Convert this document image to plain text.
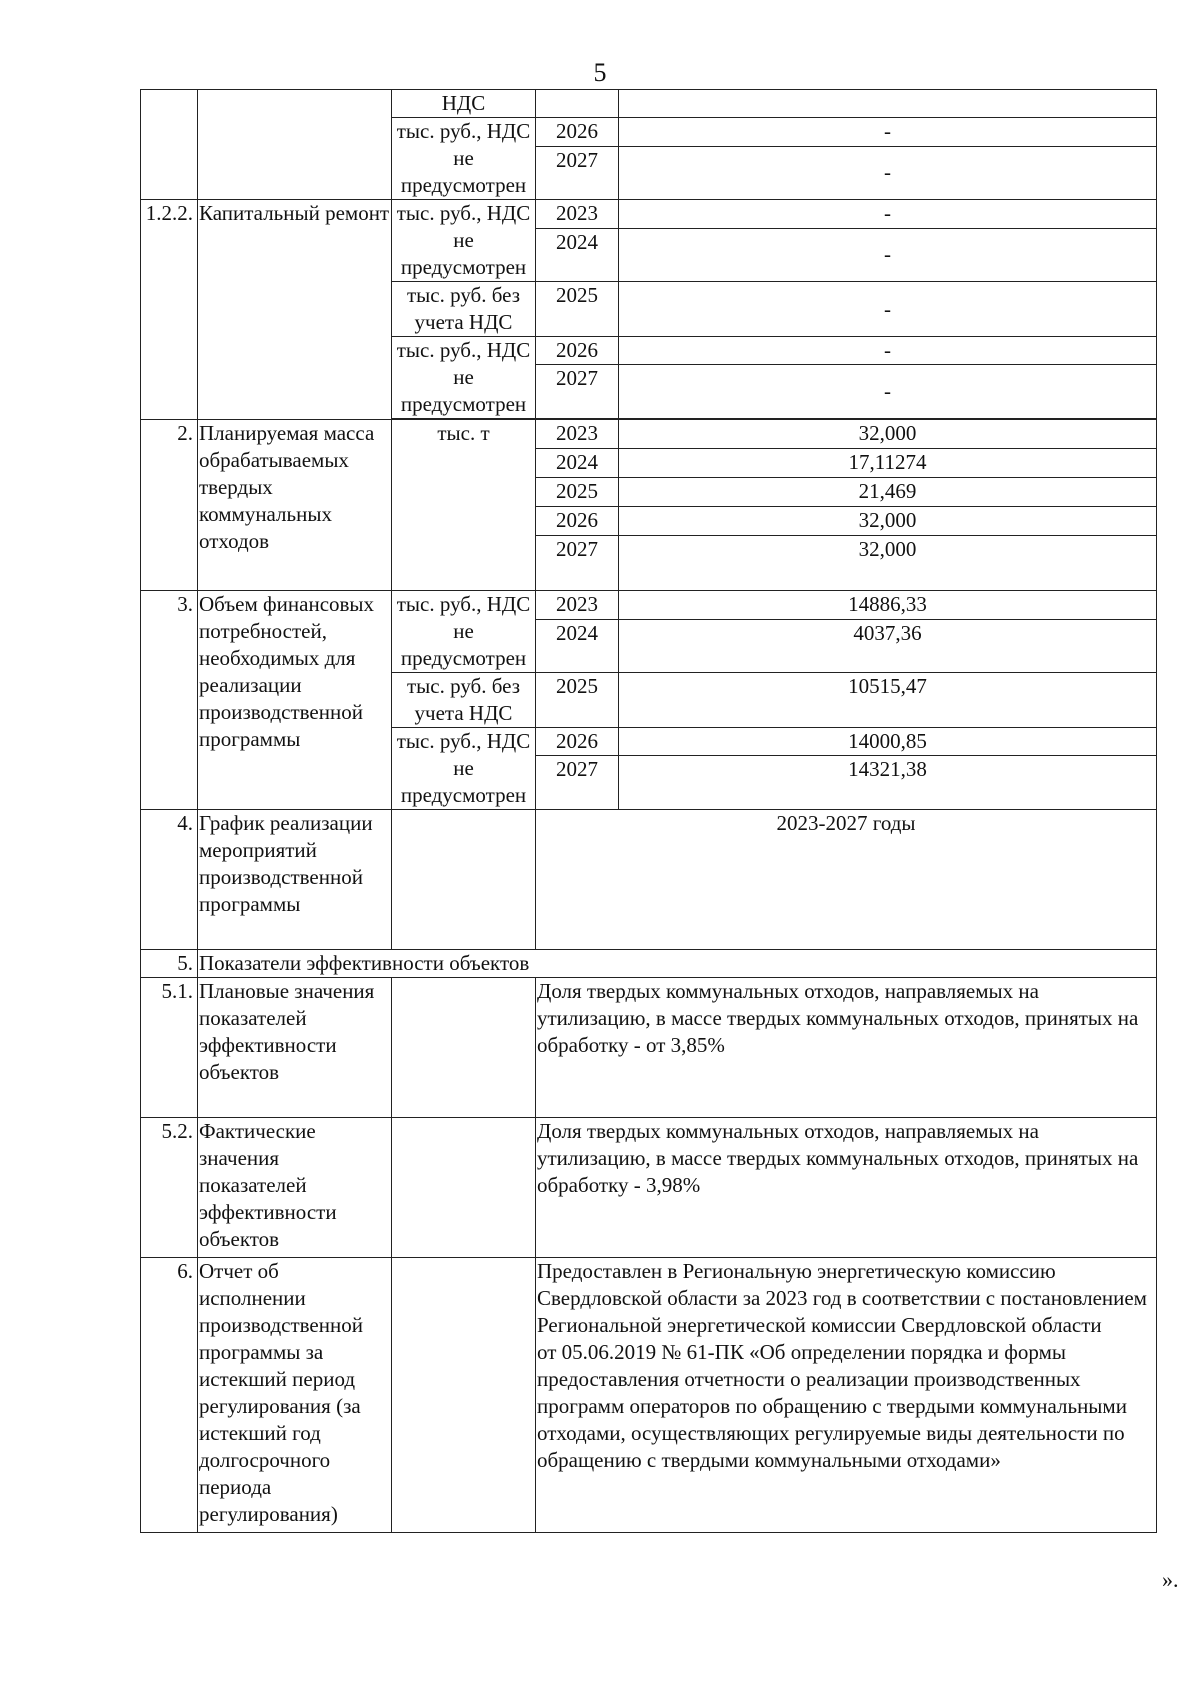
5
		НДС		
		тыс. руб., НДС не предусмотрен	2026	-
			2027	-
1.2.2.	Капитальный ремонт	тыс. руб., НДС не предусмотрен	2023	-
			2024	-
		тыс. руб. без учета НДС	2025	-
		тыс. руб., НДС не предусмотрен	2026	-
			2027	-

2.	Планируемая масса обрабатываемых твердых коммунальных отходов	тыс. т	2023	32,000
			2024	17,11274
			2025	21,469
			2026	32,000
			2027	32,000
3.	Объем финансовых потребностей, необходимых для реализации производственной программы	тыс. руб., НДС не предусмотрен	2023	14886,33
			2024	4037,36
		тыс. руб. без учета НДС	2025	10515,47
		тыс. руб., НДС не предусмотрен	2026	14000,85
			2027	14321,38
4.	График реализации мероприятий производственной программы		2023-2027 годы	
5.	Показатели эффективности объектов			
5.1.	Плановые значения показателей эффективности объектов		Доля твердых коммунальных отходов, направляемых на утилизацию, в массе твердых коммунальных отходов, принятых на обработку - от 3,85%	
5.2.	Фактические значения показателей эффективности объектов		Доля твердых коммунальных отходов, направляемых на утилизацию, в массе твердых коммунальных отходов, принятых на обработку - 3,98%	
6.	Отчет об исполнении производственной программы за истекший период регулирования (за истекший год долгосрочного периода регулирования)		Предоставлен в Региональную энергетическую комиссию Свердловской области за 2023 год в соответствии с постановлением Региональной энергетической комиссии Свердловской области
от 05.06.2019 № 61-ПК «Об определении порядка и формы предоставления отчетности о реализации производственных программ операторов по обращению с твердыми коммунальными отходами, осуществляющих регулируемые виды деятельности по обращению с твердыми коммунальными отходами»	
».
